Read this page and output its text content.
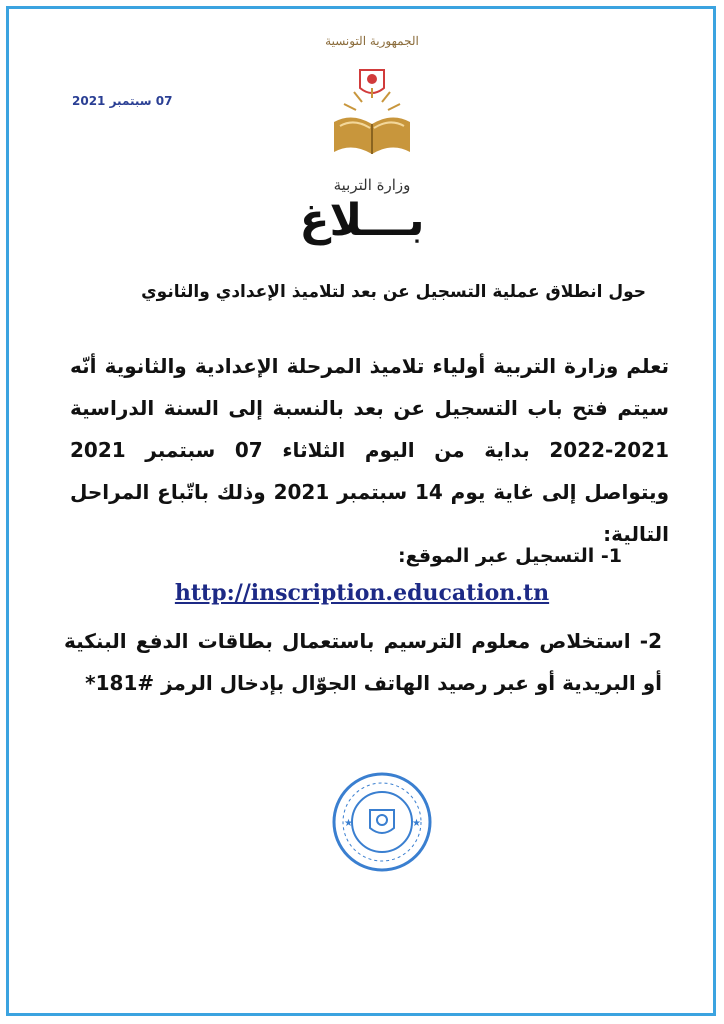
07 سبتمبر 2021
الجمهورية التونسية
وزارة التربية
بـــلاغ
حول انطلاق عملية التسجيل عن بعد لتلاميذ الإعدادي والثانوي

تعلم وزارة التربية أولياء تلاميذ المرحلة الإعدادية والثانوية أنّه سيتم فتح باب التسجيل عن بعد بالنسبة إلى السنة الدراسية 2021-2022 بداية من اليوم الثلاثاء 07 سبتمبر 2021 ويتواصل إلى غاية يوم 14 سبتمبر 2021 وذلك باتّباع المراحل التالية:

1- التسجيل عبر الموقع:
http://inscription.education.tn
2- استخلاص معلوم الترسيم باستعمال بطاقات الدفع البنكية أو البريدية أو عبر رصيد الهاتف الجوّال بإدخال الرمز #181*
★	★
